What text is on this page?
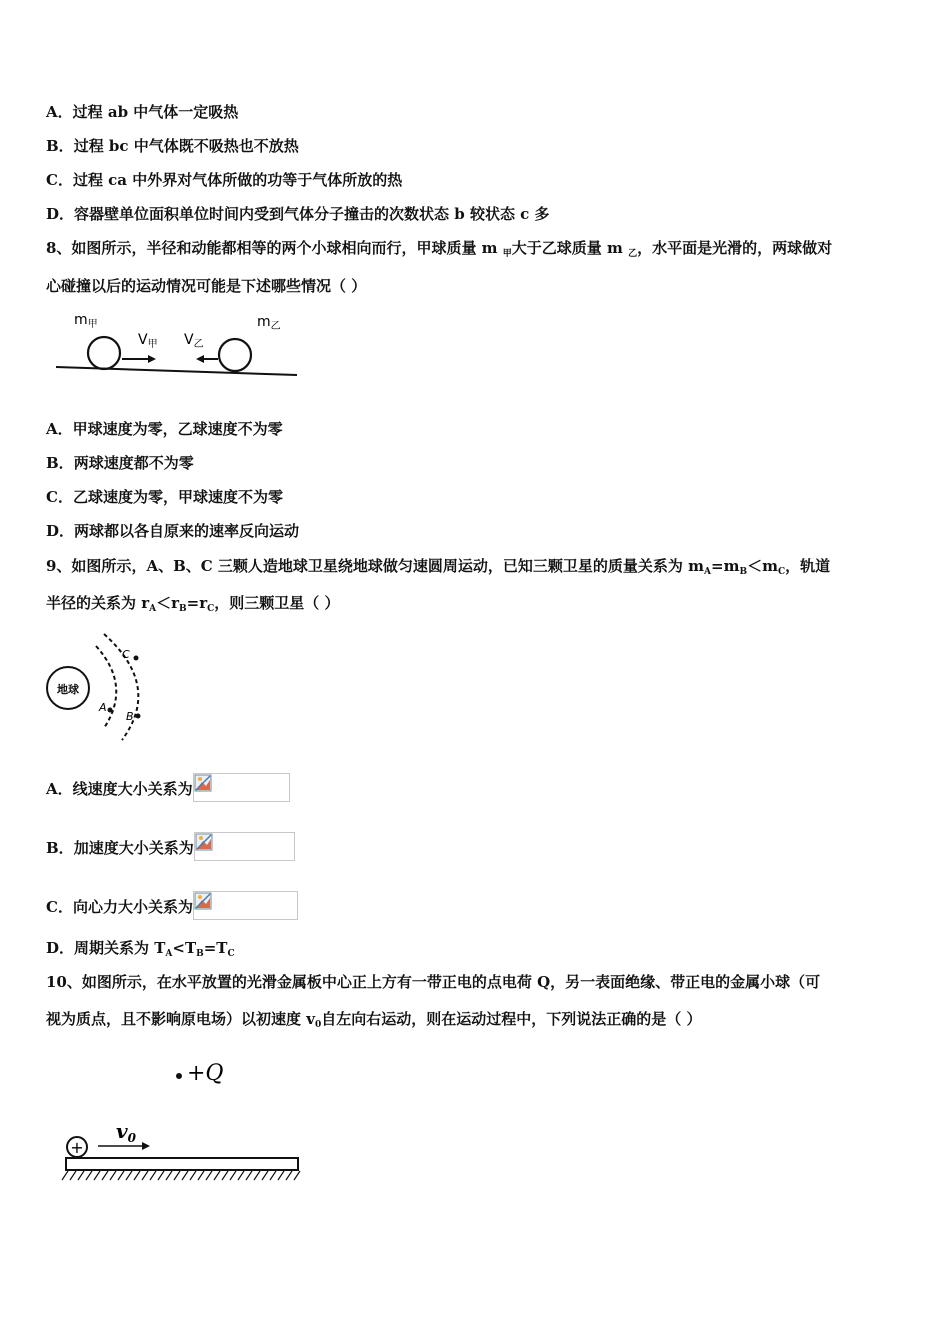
A．过程 ab 中气体一定吸热
B．过程 bc 中气体既不吸热也不放热
C．过程 ca 中外界对气体所做的功等于气体所放的热
D．容器壁单位面积单位时间内受到气体分子撞击的次数状态 b 较状态 c 多
8、如图所示，半径和动能都相等的两个小球相向而行，甲球质量 m $_甲$大于乙球质量 m $_乙$，水平面是光滑的，两球做对
心碰撞以后的运动情况可能是下述哪些情况（ ）
$m_甲$
$V_甲$ $V_乙$
$m_乙$
A．甲球速度为零，乙球速度不为零
B．两球速度都不为零
C．乙球速度为零，甲球速度不为零
D．两球都以各自原来的速率反向运动
9、如图所示，A、B、C 三颗人造地球卫星绕地球做匀速圆周运动，已知三颗卫星的质量关系为 $m_A=m_B<m_C$，轨道
半径的关系为 $r_A<r_B=r_C$，则三颗卫星（ ）
地球
A
B
C
A．线速度大小关系为
B．加速度大小关系为
C．向心力大小关系为
D．周期关系为 $T_A<T_B=T_C$
10、如图所示，在水平放置的光滑金属板中心正上方有一带正电的点电荷 Q，另一表面绝缘、带正电的金属小球（可
视为质点，且不影响原电场）以初速度 $v_0$自左向右运动，则在运动过程中，下列说法正确的是（ ）
+Q
$v_0$
+
